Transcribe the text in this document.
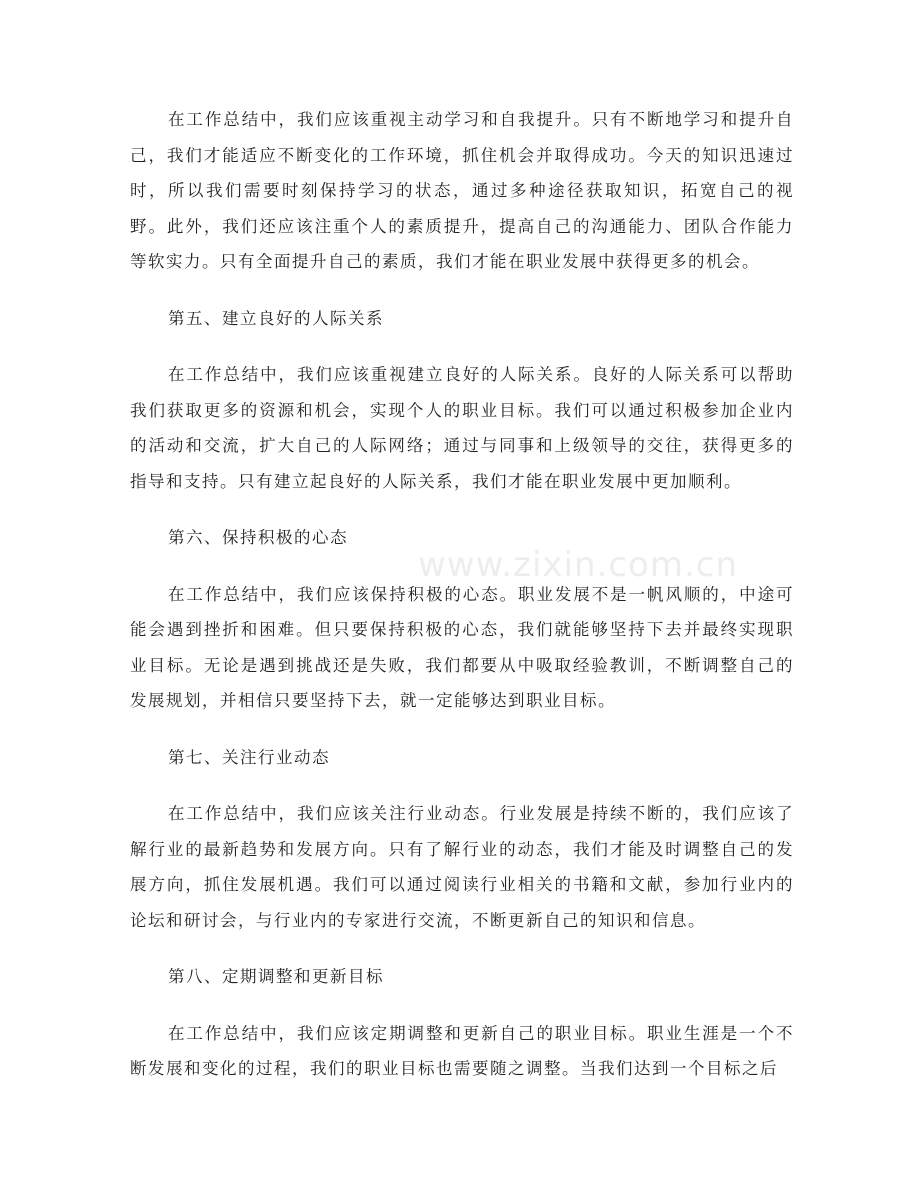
在工作总结中，我们应该重视主动学习和自我提升。只有不断地学习和提升自己，我们才能适应不断变化的工作环境，抓住机会并取得成功。今天的知识迅速过时，所以我们需要时刻保持学习的状态，通过多种途径获取知识，拓宽自己的视野。此外，我们还应该注重个人的素质提升，提高自己的沟通能力、团队合作能力等软实力。只有全面提升自己的素质，我们才能在职业发展中获得更多的机会。

第五、建立良好的人际关系

在工作总结中，我们应该重视建立良好的人际关系。良好的人际关系可以帮助我们获取更多的资源和机会，实现个人的职业目标。我们可以通过积极参加企业内的活动和交流，扩大自己的人际网络；通过与同事和上级领导的交往，获得更多的指导和支持。只有建立起良好的人际关系，我们才能在职业发展中更加顺利。

第六、保持积极的心态

在工作总结中，我们应该保持积极的心态。职业发展不是一帆风顺的，中途可能会遇到挫折和困难。但只要保持积极的心态，我们就能够坚持下去并最终实现职业目标。无论是遇到挑战还是失败，我们都要从中吸取经验教训，不断调整自己的发展规划，并相信只要坚持下去，就一定能够达到职业目标。

第七、关注行业动态

在工作总结中，我们应该关注行业动态。行业发展是持续不断的，我们应该了解行业的最新趋势和发展方向。只有了解行业的动态，我们才能及时调整自己的发展方向，抓住发展机遇。我们可以通过阅读行业相关的书籍和文献，参加行业内的论坛和研讨会，与行业内的专家进行交流，不断更新自己的知识和信息。

第八、定期调整和更新目标

在工作总结中，我们应该定期调整和更新自己的职业目标。职业生涯是一个不断发展和变化的过程，我们的职业目标也需要随之调整。当我们达到一个目标之后

www.zixin.com.cn
